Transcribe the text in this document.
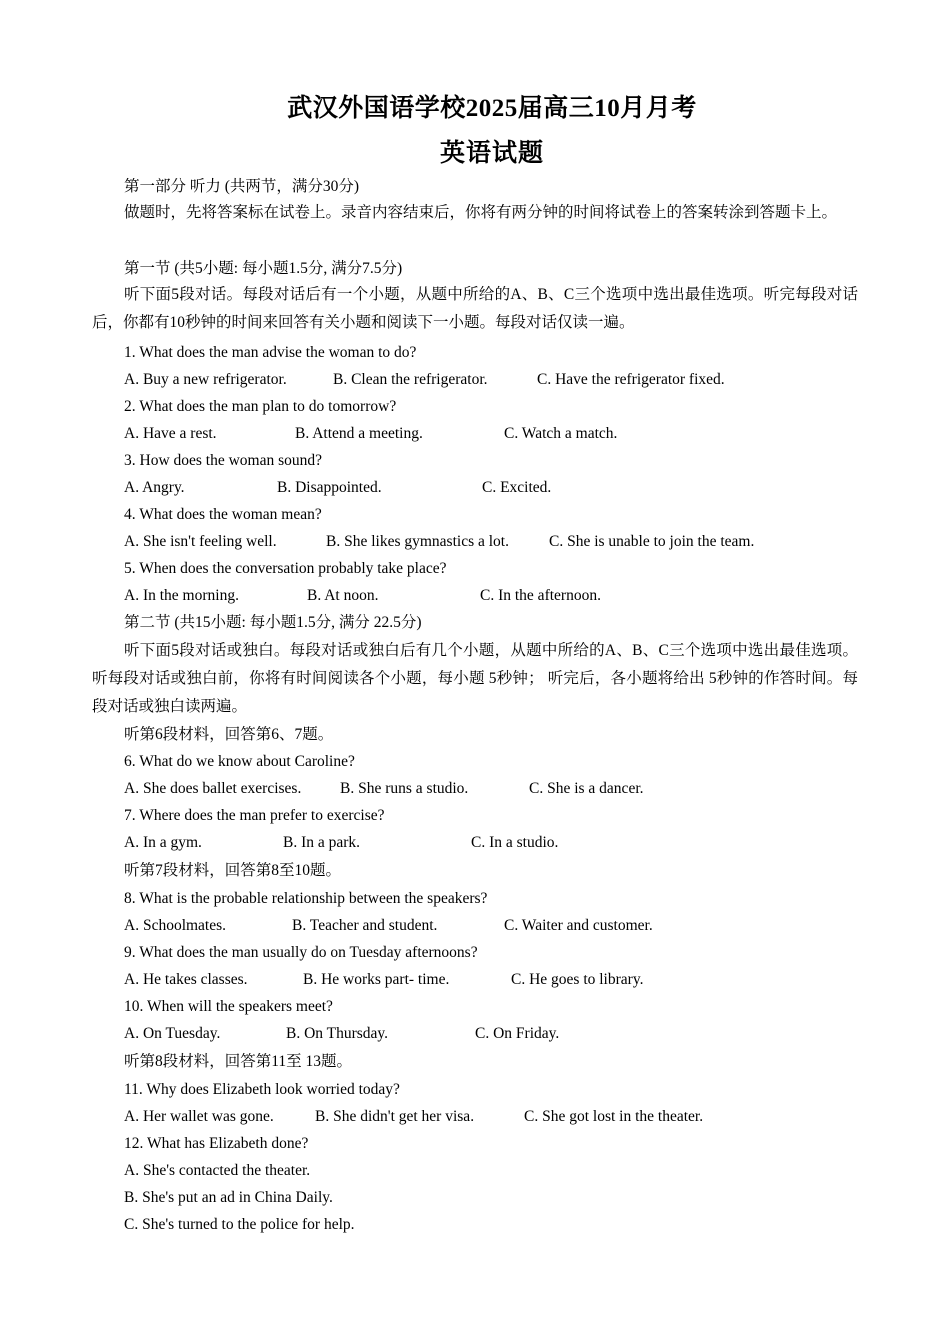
武汉外国语学校2025届高三10月月考
英语试题
第一部分 听力 (共两节，满分30分)
做题时，先将答案标在试卷上。录音内容结束后，你将有两分钟的时间将试卷上的答案转涂到答题卡上。
第一节 (共5小题: 每小题1.5分, 满分7.5分)
听下面5段对话。每段对话后有一个小题，从题中所给的A、B、C三个选项中选出最佳选项。听完每段对话后，你都有10秒钟的时间来回答有关小题和阅读下一小题。每段对话仅读一遍。
1. What does the man advise the woman to do?
A. Buy a new refrigerator.	B. Clean the refrigerator.	C. Have the refrigerator fixed.
2. What does the man plan to do tomorrow?
A. Have a rest.	B. Attend a meeting.	C. Watch a match.
3. How does the woman sound?
A. Angry.	B. Disappointed.	C. Excited.
4. What does the woman mean?
A. She isn't feeling well.	B. She likes gymnastics a lot.	C. She is unable to join the team.
5. When does the conversation probably take place?
A. In the morning.	B. At noon.	C. In the afternoon.
第二节 (共15小题: 每小题1.5分, 满分 22.5分)
听下面5段对话或独白。每段对话或独白后有几个小题，从题中所给的A、B、C三个选项中选出最佳选项。听每段对话或独白前，你将有时间阅读各个小题，每小题 5秒钟； 听完后，各小题将给出 5秒钟的作答时间。每段对话或独白读两遍。
听第6段材料，回答第6、7题。
6. What do we know about Caroline?
A. She does ballet exercises. B. She runs a studio.	C. She is a dancer.
7. Where does the man prefer to exercise?
A. In a gym.	B. In a park.	C. In a studio.
听第7段材料，回答第8至10题。
8. What is the probable relationship between the speakers?
A. Schoolmates.	B. Teacher and student.	C. Waiter and customer.
9. What does the man usually do on Tuesday afternoons?
A. He takes classes.	B. He works part- time.	C. He goes to library.
10. When will the speakers meet?
A. On Tuesday.	B. On Thursday.	C. On Friday.
听第8段材料，回答第11至 13题。
11. Why does Elizabeth look worried today?
A. Her wallet was gone.	B. She didn't get her visa.	C. She got lost in the theater.
12. What has Elizabeth done?
A. She's contacted the theater.
B. She's put an ad in China Daily.
C. She's turned to the police for help.
